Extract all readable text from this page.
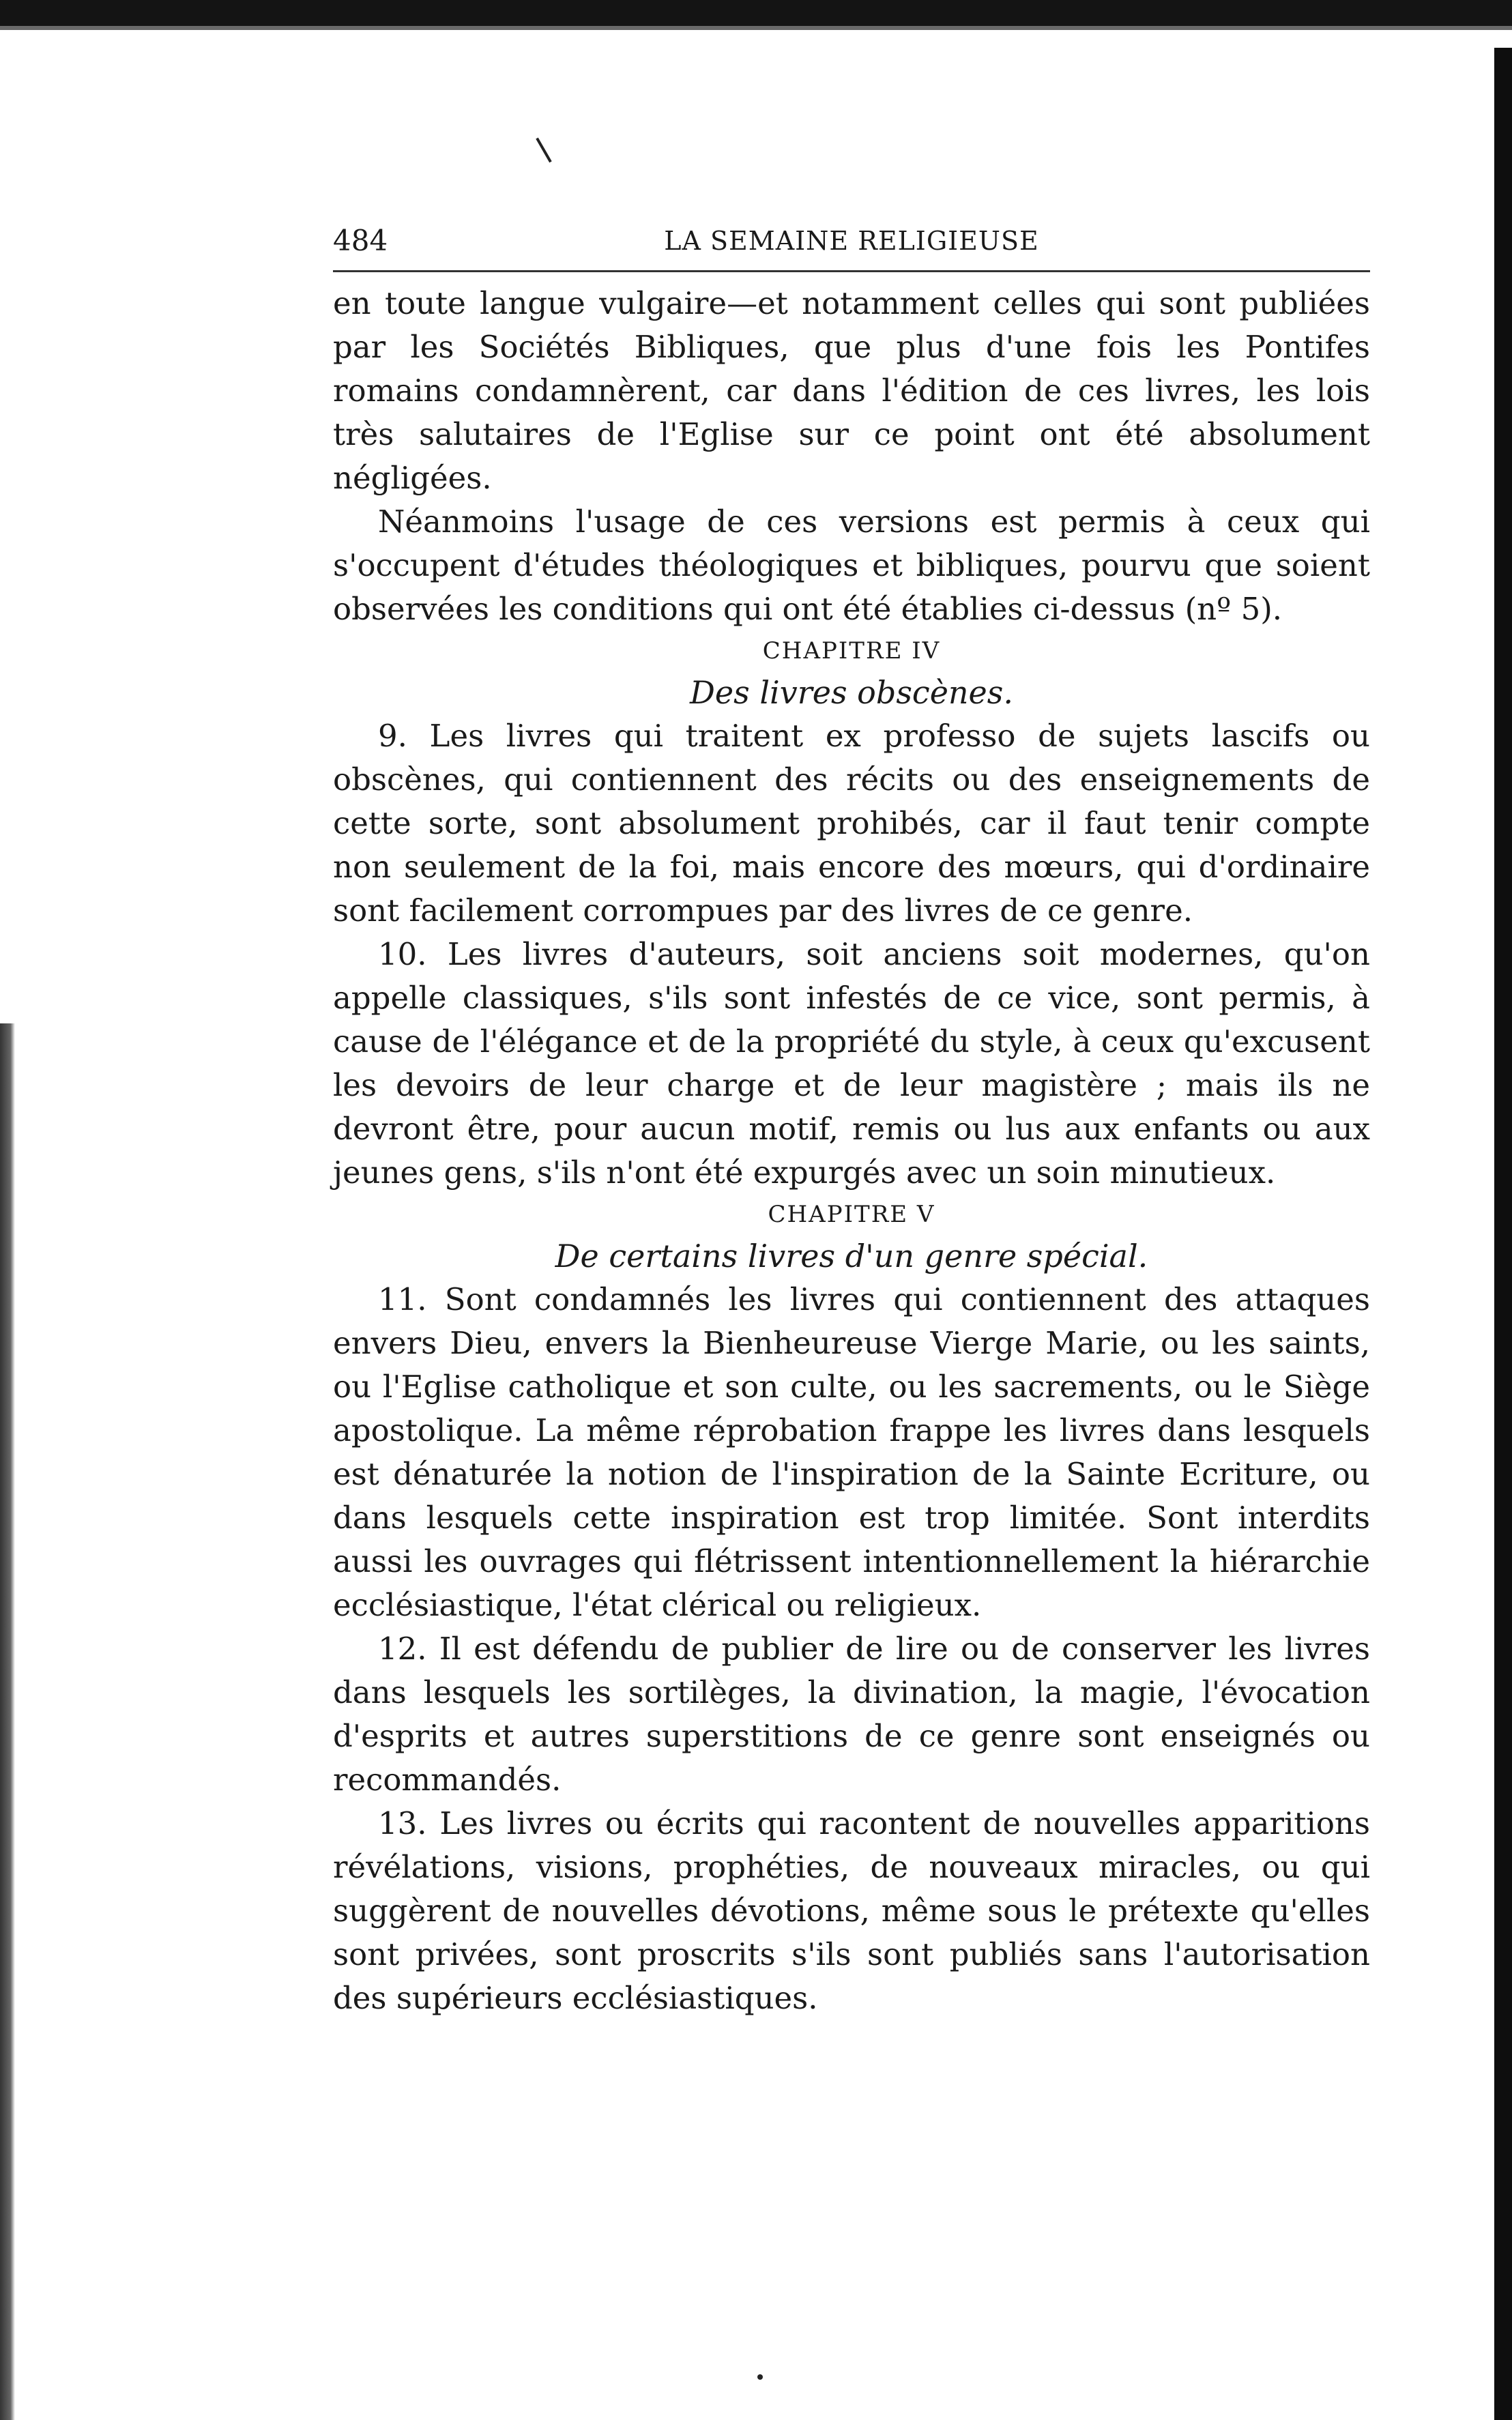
484	LA SEMAINE RELIGIEUSE

en toute langue vulgaire—et notamment celles qui sont publiées par les Sociétés Bibliques, que plus d'une fois les Pontifes romains condamnèrent, car dans l'édition de ces livres, les lois très salutaires de l'Eglise sur ce point ont été absolument négligées.

Néanmoins l'usage de ces versions est permis à ceux qui s'occupent d'études théologiques et bibliques, pourvu que soient observées les conditions qui ont été établies ci-dessus (nº 5).

CHAPITRE IV

Des livres obscènes.

9. Les livres qui traitent ex professo de sujets lascifs ou obscènes, qui contiennent des récits ou des enseignements de cette sorte, sont absolument prohibés, car il faut tenir compte non seulement de la foi, mais encore des mœurs, qui d'ordinaire sont facilement corrompues par des livres de ce genre.

10. Les livres d'auteurs, soit anciens soit modernes, qu'on appelle classiques, s'ils sont infestés de ce vice, sont permis, à cause de l'élégance et de la propriété du style, à ceux qu'excusent les devoirs de leur charge et de leur magistère ; mais ils ne devront être, pour aucun motif, remis ou lus aux enfants ou aux jeunes gens, s'ils n'ont été expurgés avec un soin minutieux.

CHAPITRE V

De certains livres d'un genre spécial.

11. Sont condamnés les livres qui contiennent des attaques envers Dieu, envers la Bienheureuse Vierge Marie, ou les saints, ou l'Eglise catholique et son culte, ou les sacrements, ou le Siège apostolique. La même réprobation frappe les livres dans lesquels est dénaturée la notion de l'inspiration de la Sainte Ecriture, ou dans lesquels cette inspiration est trop limitée. Sont interdits aussi les ouvrages qui flétrissent intentionnellement la hiérarchie ecclésiastique, l'état clérical ou religieux.

12. Il est défendu de publier de lire ou de conserver les livres dans lesquels les sortilèges, la divination, la magie, l'évocation d'esprits et autres superstitions de ce genre sont enseignés ou recommandés.

13. Les livres ou écrits qui racontent de nouvelles apparitions révélations, visions, prophéties, de nouveaux miracles, ou qui suggèrent de nouvelles dévotions, même sous le prétexte qu'elles sont privées, sont proscrits s'ils sont publiés sans l'autorisation des supérieurs ecclésiastiques.
